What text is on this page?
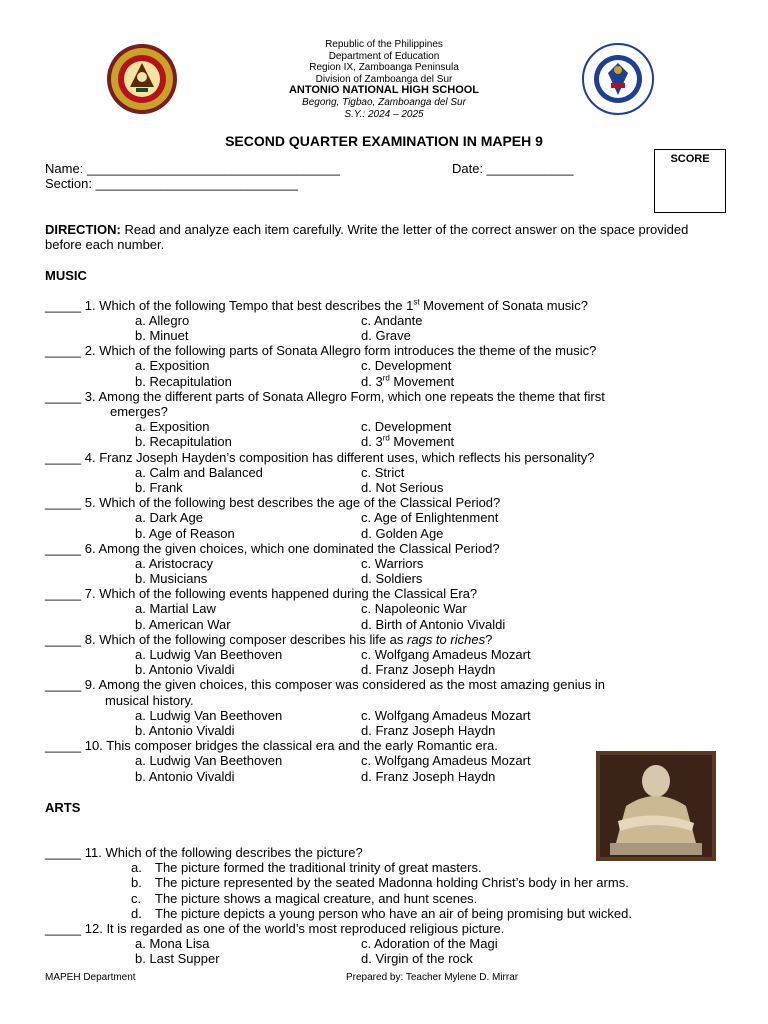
Republic of the Philippines
Department of Education
Region IX, Zamboanga Peninsula
Division of Zamboanga del Sur
ANTONIO NATIONAL HIGH SCHOOL
Begong, Tigbao, Zamboanga del Sur
S.Y.: 2024 – 2025
SECOND QUARTER EXAMINATION IN MAPEH 9
SCORE
Name: ___________________________________	Date: ____________
Section: ____________________________
DIRECTION: Read and analyze each item carefully. Write the letter of the correct answer on the space provided before each number.
MUSIC
_____ 1. Which of the following Tempo that best describes the 1st Movement of Sonata music?
a. Allegro	c. Andante
b. Minuet	d. Grave
_____ 2. Which of the following parts of Sonata Allegro form introduces the theme of the music?
a. Exposition	c. Development
b. Recapitulation	d. 3rd Movement
_____ 3. Among the different parts of Sonata Allegro Form, which one repeats the theme that first
emerges?
a. Exposition	c. Development
b. Recapitulation	d. 3rd Movement
_____ 4. Franz Joseph Hayden’s composition has different uses, which reflects his personality?
a. Calm and Balanced	c. Strict
b. Frank	d. Not Serious
_____ 5. Which of the following best describes the age of the Classical Period?
a. Dark Age	c. Age of Enlightenment
b. Age of Reason	d. Golden Age
_____ 6. Among the given choices, which one dominated the Classical Period?
a. Aristocracy	c. Warriors
b. Musicians	d. Soldiers
_____ 7. Which of the following events happened during the Classical Era?
a. Martial Law	c. Napoleonic War
b. American War	d. Birth of Antonio Vivaldi
_____ 8. Which of the following composer describes his life as rags to riches?
a. Ludwig Van Beethoven	c. Wolfgang Amadeus Mozart
b. Antonio Vivaldi	d. Franz Joseph Haydn
_____ 9. Among the given choices, this composer was considered as the most amazing genius in
musical history.
a. Ludwig Van Beethoven	c. Wolfgang Amadeus Mozart
b. Antonio Vivaldi	d. Franz Joseph Haydn
_____ 10. This composer bridges the classical era and the early Romantic era.
a. Ludwig Van Beethoven	c. Wolfgang Amadeus Mozart
b. Antonio Vivaldi	d. Franz Joseph Haydn
ARTS
_____ 11. Which of the following describes the picture?
a. The picture formed the traditional trinity of great masters.
b. The picture represented by the seated Madonna holding Christ’s body in her arms.
c. The picture shows a magical creature, and hunt scenes.
d. The picture depicts a young person who have an air of being promising but wicked.
_____ 12. It is regarded as one of the world’s most reproduced religious picture.
a. Mona Lisa	c. Adoration of the Magi
b. Last Supper	d. Virgin of the rock
MAPEH Department	Prepared by: Teacher Mylene D. Mirrar
